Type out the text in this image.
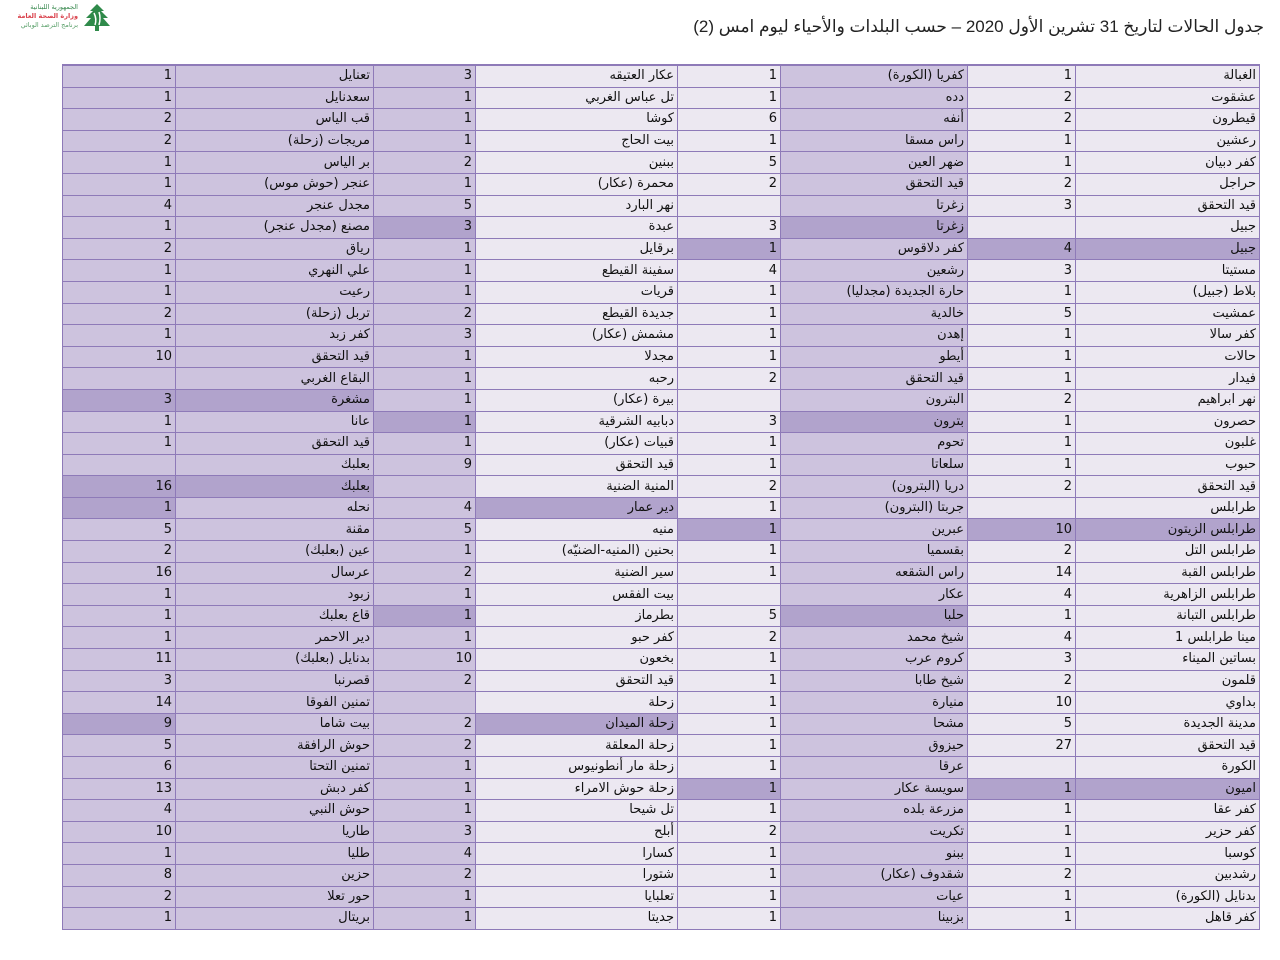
الجمهورية اللبنانية
وزارة الصحة العامة
برنامج الترصد الوبائي	جدول الحالات لتاريخ 31 تشرين الأول 2020 – حسب البلدات والأحياء ليوم امس (2)
1	تعنايل	3	عكار العتيقه	1	كفريا (الكورة)	1	الغبالة
1	سعدنايل	1	تل عباس الغربي	1	دده	2	عشقوت
2	قب الياس	1	كوشا	6	أنفه	2	قيطرون
2	مريجات (زحلة)	1	بيت الحاج	1	راس مسقا	1	رعشين
1	بر الياس	2	ببنين	5	ضهر العين	1	كفر دبيان
1	عنجر (حوش موس)	1	محمرة (عكار)	2	قيد التحقق	2	حراجل
4	مجدل عنجر	5	نهر البارد		زغرتا	3	قيد التحقق
1	مصنع (مجدل عنجر)	3	عبدة	3	زغرتا		جبيل
2	رياق	1	برقايل	1	كفر دلاقوس	4	جبيل
1	علي النهري	1	سفينة القيطع	4	رشعين	3	مستيتا
1	رعيت	1	قريات	1	حارة الجديدة (مجدليا)	1	بلاط (جبيل)
2	تربل (زحلة)	2	جديدة القيطع	1	خالدية	5	عمشيت
1	كفر زبد	3	مشمش (عكار)	1	إهدن	1	كفر سالا
10	قيد التحقق	1	مجدلا	1	أيطو	1	حالات
	البقاع الغربي	1	رحبه	2	قيد التحقق	1	فيدار
3	مشغرة	1	بيرة (عكار)		البترون	2	نهر ابراهيم
1	عانا	1	دبابيه الشرقية	3	بترون	1	حصرون
1	قيد التحقق	1	قبيات (عكار)	1	تحوم	1	غلبون
	بعلبك	9	قيد التحقق	1	سلعاتا	1	حبوب
16	بعلبك		المنية الضنية	2	دريا (البترون)	2	قيد التحقق
1	نحله	4	دير عمار	1	جربتا (البترون)		طرابلس
5	مقنة	5	منيه	1	عبرين	10	طرابلس الزيتون
2	عين (بعلبك)	1	بحنين (المنيه-الضنيّه)	1	بقسميا	2	طرابلس التل
16	عرسال	2	سير الضنية	1	راس الشقعه	14	طرابلس القبة
1	زبود	1	بيت الفقس		عكار	4	طرابلس الزاهرية
1	قاع بعلبك	1	بطرماز	5	حلبا	1	طرابلس التبانة
1	دير الاحمر	1	كفر حبو	2	شيخ محمد	4	مينا طرابلس 1
11	بدنايل (بعلبك)	10	بخعون	1	كروم عرب	3	بساتين الميناء
3	قصرنبا	2	قيد التحقق	1	شيخ طابا	2	قلمون
14	تمنين الفوقا		زحلة	1	منيارة	10	بداوي
9	بيت شاما	2	زحلة الميدان	1	مشحا	5	مدينة الجديدة
5	حوش الرافقة	2	زحلة المعلقة	1	حيزوق	27	قيد التحقق
6	تمنين التحتا	1	زحلة مار أنطونيوس	1	عرقا		الكورة
13	كفر دبش	1	زحلة حوش الامراء	1	سويسة عكار	1	اميون
4	حوش النبي	1	تل شيحا	1	مزرعة بلده	1	كفر عقا
10	طاريا	3	أبلح	2	تكريت	1	كفر حزير
1	طليا	4	كسارا	1	ببنو	1	كوسبا
8	حزين	2	شتورا	1	شقدوف (عكار)	2	رشدبين
2	حور تعلا	1	تعلبايا	1	عيات	1	بدنايل (الكورة)
1	بريتال	1	جديتا	1	بزبينا	1	كفر قاهل
